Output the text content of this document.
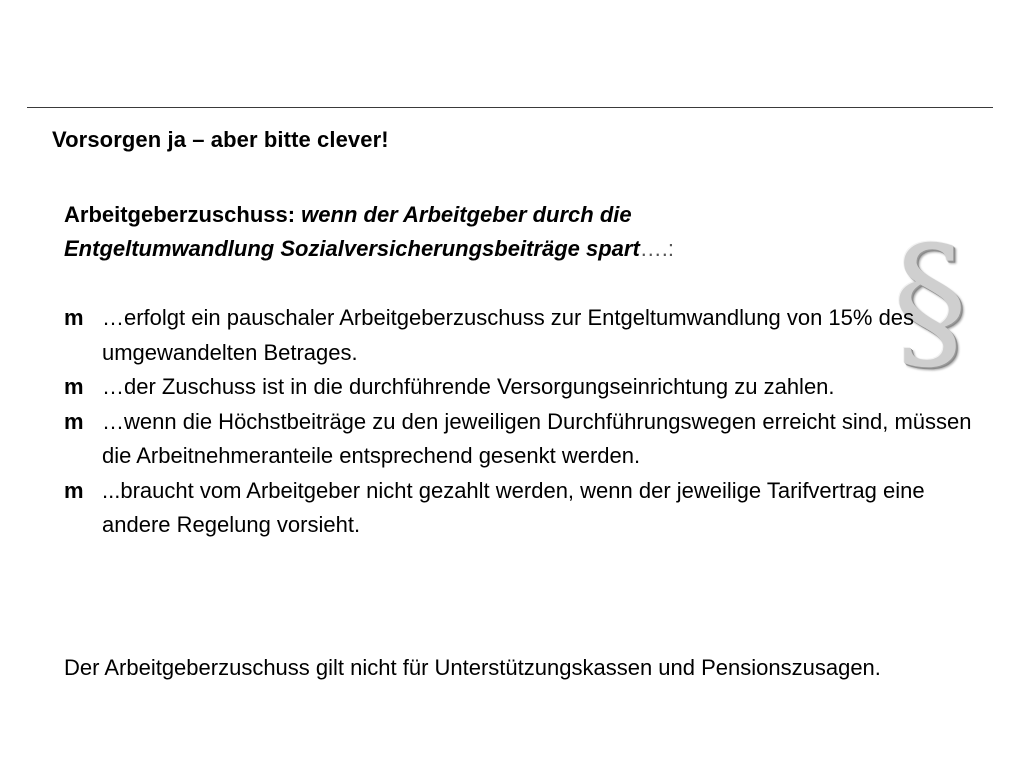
Vorsorgen ja – aber bitte clever!
Arbeitgeberzuschuss: wenn der Arbeitgeber durch die
Entgeltumwandlung Sozialversicherungsbeiträge spart….:	§
m …erfolgt ein pauschaler Arbeitgeberzuschuss zur Entgeltumwandlung von 15% des umgewandelten Betrages.
m …der Zuschuss ist in die durchführende Versorgungseinrichtung zu zahlen.
m …wenn die Höchstbeiträge zu den jeweiligen Durchführungswegen erreicht sind, müssen die Arbeitnehmeranteile entsprechend gesenkt werden.
m ...braucht vom Arbeitgeber nicht gezahlt werden, wenn der jeweilige Tarifvertrag eine andere Regelung vorsieht.
Der Arbeitgeberzuschuss gilt nicht für Unterstützungskassen und Pensionszusagen.
